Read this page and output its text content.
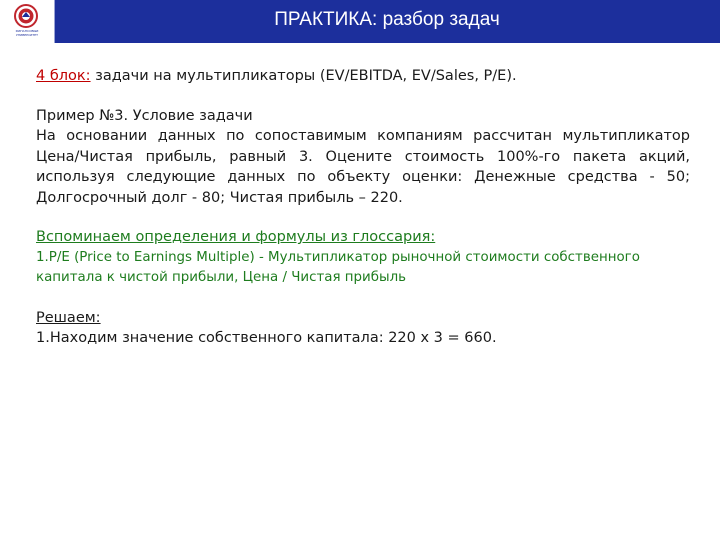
ФИНАНСОВЫЙ
УНИВЕРСИТЕТ
ПРАКТИКА: разбор задач

4 блок: задачи на мультипликаторы (EV/EBITDA, EV/Sales, P/E).

Пример №3. Условие задачи

На основании данных по сопоставимым компаниям рассчитан мультипликатор
Цена/Чистая прибыль, равный 3. Оцените стоимость 100%-го пакета акций,
используя следующие данных по объекту оценки: Денежные средства - 50;
Долгосрочный долг - 80; Чистая прибыль – 220.

Вспоминаем определения и формулы из глоссария:

1.P/E (Price to Earnings Multiple) - Мультипликатор рыночной стоимости собственного
капитала к чистой прибыли, Цена / Чистая прибыль

Решаем:

1.Находим значение собственного капитала: 220 х 3 = 660.
